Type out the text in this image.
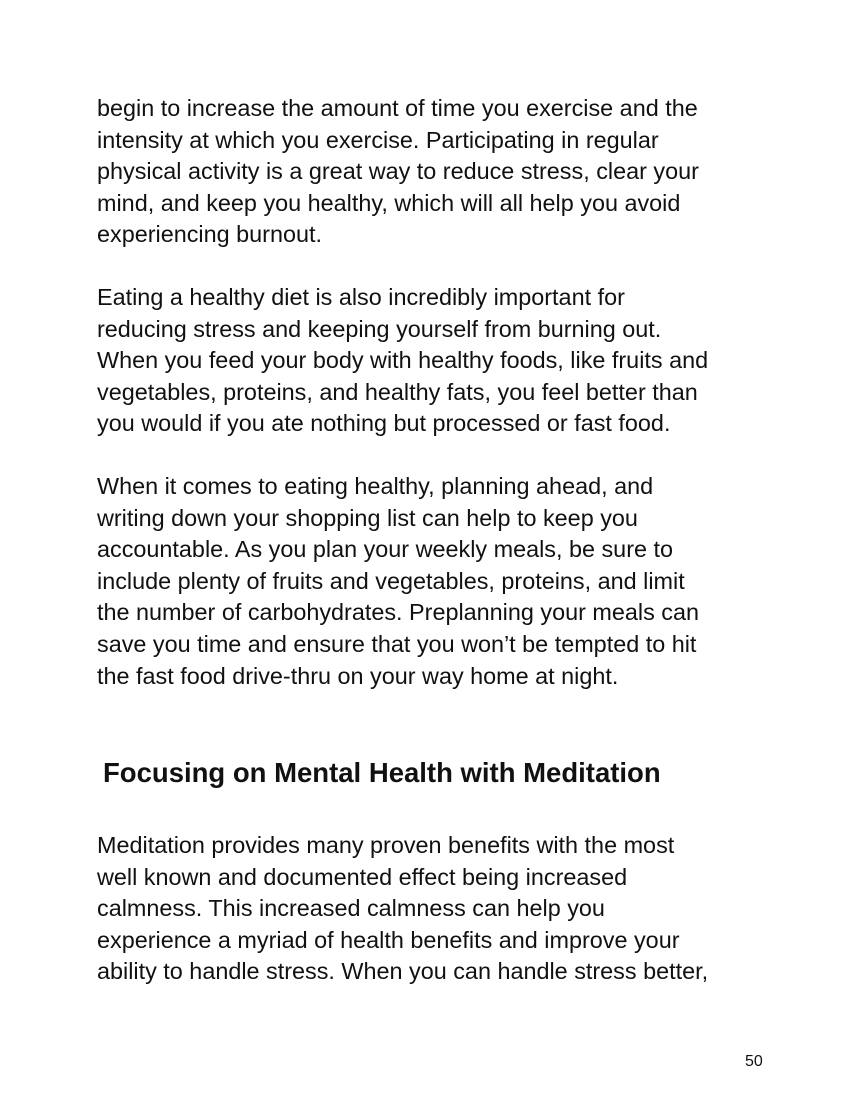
begin to increase the amount of time you exercise and the
intensity at which you exercise. Participating in regular
physical activity is a great way to reduce stress, clear your
mind, and keep you healthy, which will all help you avoid
experiencing burnout.

Eating a healthy diet is also incredibly important for
reducing stress and keeping yourself from burning out.
When you feed your body with healthy foods, like fruits and
vegetables, proteins, and healthy fats, you feel better than
you would if you ate nothing but processed or fast food.

When it comes to eating healthy, planning ahead, and
writing down your shopping list can help to keep you
accountable. As you plan your weekly meals, be sure to
include plenty of fruits and vegetables, proteins, and limit
the number of carbohydrates. Preplanning your meals can
save you time and ensure that you won’t be tempted to hit
the fast food drive-thru on your way home at night.

Focusing on Mental Health with Meditation

Meditation provides many proven benefits with the most
well known and documented effect being increased
calmness. This increased calmness can help you
experience a myriad of health benefits and improve your
ability to handle stress. When you can handle stress better,

50
